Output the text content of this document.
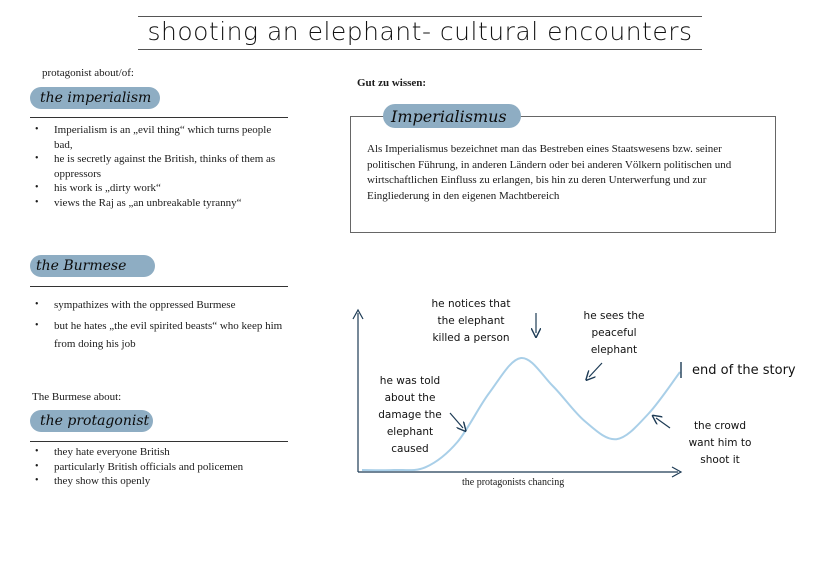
shooting an elephant- cultural encounters
protagonist about/of:
the imperialism
• Imperialism is an „evil thing“ which turns people bad,
• he is secretly against the British, thinks of them as oppressors
• his work is „dirty work“
• views the Raj as „an unbreakable tyranny“
the Burmese
• sympathizes with the oppressed Burmese
• but he hates „the evil spirited beasts“ who keep him from doing his job
The Burmese about:
the protagonist
• they hate everyone British
• particularly British officials and policemen
• they show this openly
Gut zu wissen:
Als Imperialismus bezeichnet man das Bestreben eines Staatswesens bzw. seiner politischen Führung, in anderen Ländern oder bei anderen Völkern politischen und wirtschaftlichen Einfluss zu erlangen, bis hin zu deren Unterwerfung und zur Eingliederung in den eigenen Machtbereich
Imperialismus
the protagonists chancing
he was told about the damage the elephant caused
he notices that the elephant killed a person
he sees the peaceful elephant
the crowd want him to shoot it
end of the story
